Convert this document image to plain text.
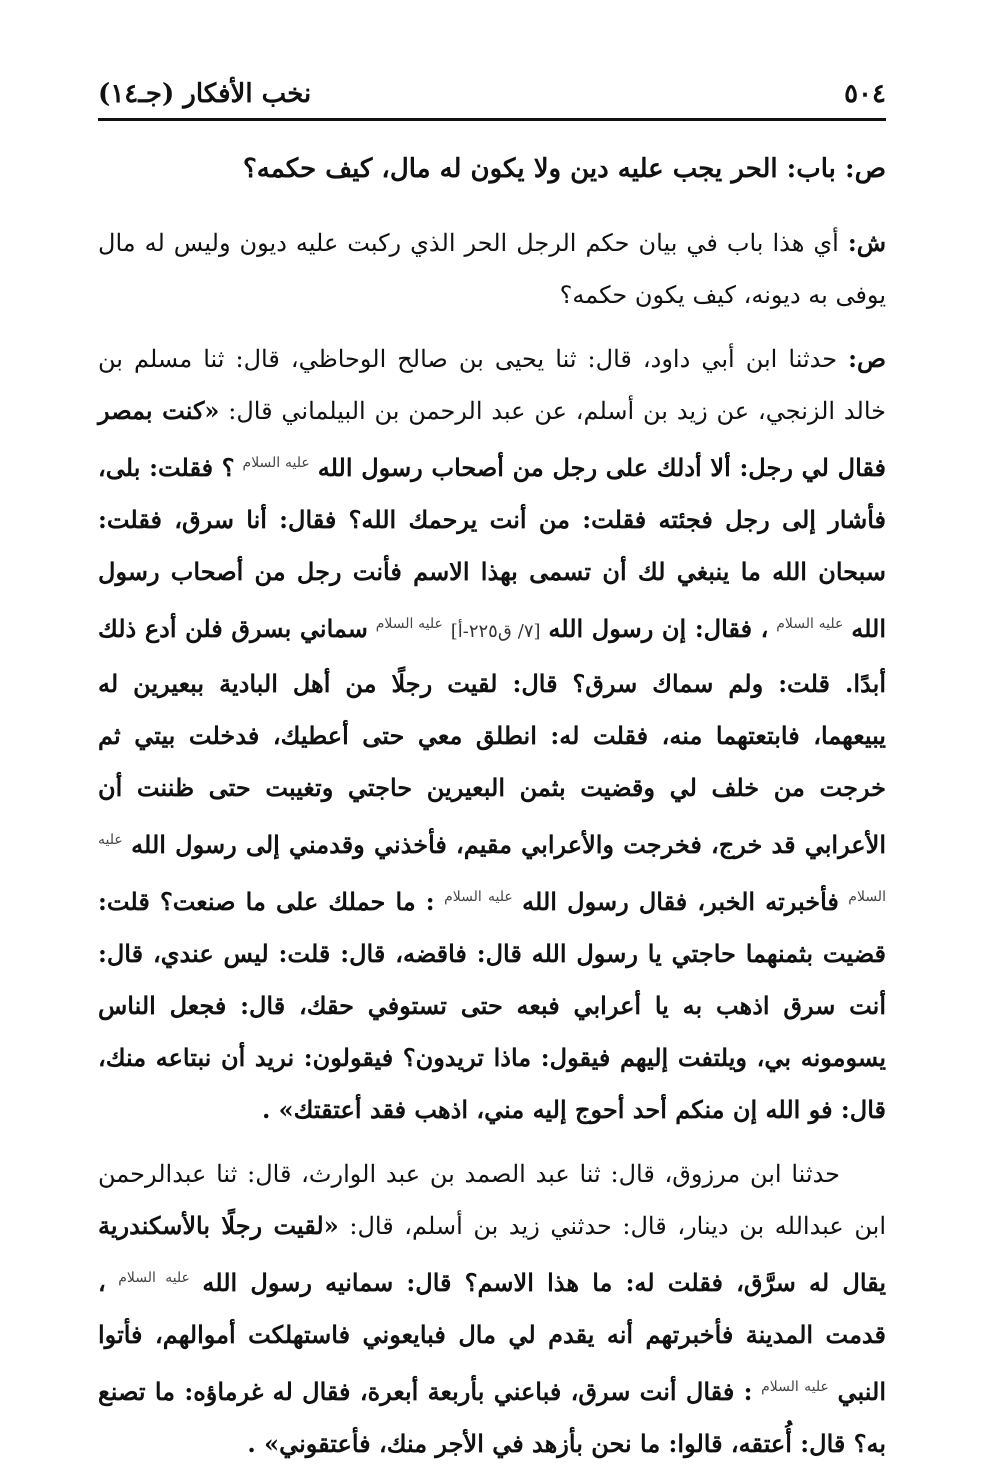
٥٠٤
نخب الأفكار (جـ١٤)
ص: باب: الحر يجب عليه دين ولا يكون له مال، كيف حكمه؟

ش: أي هذا باب في بيان حكم الرجل الحر الذي ركبت عليه ديون وليس له مال يوفى به ديونه، كيف يكون حكمه؟

ص: حدثنا ابن أبي داود، قال: ثنا يحيى بن صالح الوحاظي، قال: ثنا مسلم بن خالد الزنجي، عن زيد بن أسلم، عن عبد الرحمن بن البيلماني قال: «كنت بمصر فقال لي رجل: ألا أدلك على رجل من أصحاب رسول الله $^{عليه السلام}$ ؟ فقلت: بلى، فأشار إلى رجل فجئته فقلت: من أنت يرحمك الله؟ فقال: أنا سرق، فقلت: سبحان الله ما ينبغي لك أن تسمى بهذا الاسم فأنت رجل من أصحاب رسول الله $^{عليه السلام}$ ، فقال: إن رسول الله [٧/ ق٢٢٥-أ] $^{عليه السلام}$ سماني بسرق فلن أدع ذلك أبدًا. قلت: ولم سماك سرق؟ قال: لقيت رجلًا من أهل البادية ببعيرين له يبيعهما، فابتعتهما منه، فقلت له: انطلق معي حتى أعطيك، فدخلت بيتي ثم خرجت من خلف لي وقضيت بثمن البعيرين حاجتي وتغيبت حتى ظننت أن الأعرابي قد خرج، فخرجت والأعرابي مقيم، فأخذني وقدمني إلى رسول الله $^{عليه السلام}$ فأخبرته الخبر، فقال رسول الله $^{عليه السلام}$ : ما حملك على ما صنعت؟ قلت: قضيت بثمنهما حاجتي يا رسول الله قال: فاقضه، قال: قلت: ليس عندي، قال: أنت سرق اذهب به يا أعرابي فبعه حتى تستوفي حقك، قال: فجعل الناس يسومونه بي، ويلتفت إليهم فيقول: ماذا تريدون؟ فيقولون: نريد أن نبتاعه منك، قال: فو الله إن منكم أحد أحوج إليه مني، اذهب فقد أعتقتك» .

حدثنا ابن مرزوق، قال: ثنا عبد الصمد بن عبد الوارث، قال: ثنا عبدالرحمن ابن عبدالله بن دينار، قال: حدثني زيد بن أسلم، قال: «لقيت رجلًا بالأسكندرية يقال له سرَّق، فقلت له: ما هذا الاسم؟ قال: سمانيه رسول الله $^{عليه السلام}$ ، قدمت المدينة فأخبرتهم أنه يقدم لي مال فبايعوني فاستهلكت أموالهم، فأتوا النبي $^{عليه السلام}$ : فقال أنت سرق، فباعني بأربعة أبعرة، فقال له غرماؤه: ما تصنع به؟ قال: أُعتقه، قالوا: ما نحن بأزهد في الأجر منك، فأعتقوني» .
